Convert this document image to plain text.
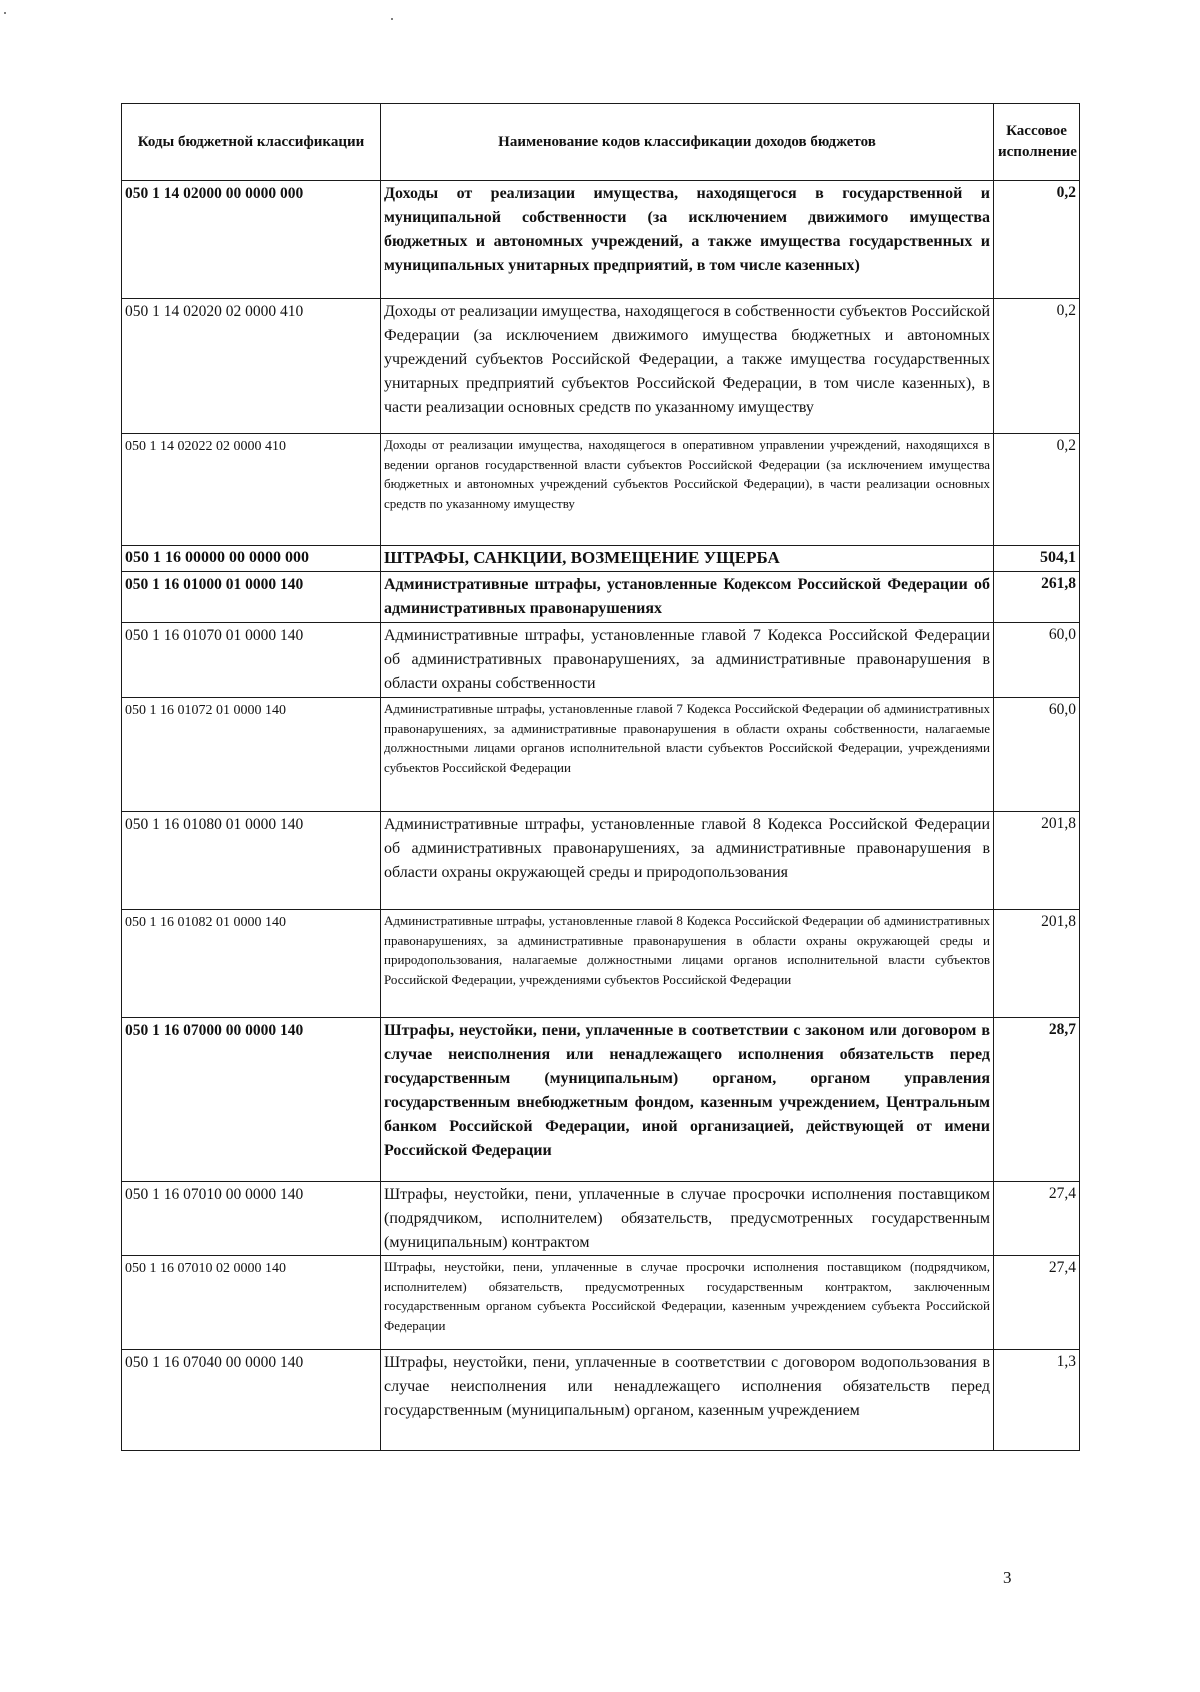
Коды бюджетной классификации	Наименование кодов классификации доходов бюджетов	Кассовое исполнение
050 1 14 02000 00 0000 000	Доходы от реализации имущества, находящегося в государственной и муниципальной собственности (за исключением движимого имущества бюджетных и автономных учреждений, а также имущества государственных и муниципальных унитарных предприятий, в том числе казенных)	0,2
050 1 14 02020 02 0000 410	Доходы от реализации имущества, находящегося в собственности субъектов Российской Федерации (за исключением движимого имущества бюджетных и автономных учреждений субъектов Российской Федерации, а также имущества государственных унитарных предприятий субъектов Российской Федерации, в том числе казенных), в части реализации основных средств по указанному имуществу	0,2
050 1 14 02022 02 0000 410	Доходы от реализации имущества, находящегося в оперативном управлении учреждений, находящихся в ведении органов государственной власти субъектов Российской Федерации (за исключением имущества бюджетных и автономных учреждений субъектов Российской Федерации), в части реализации основных средств по указанному имуществу	0,2
050 1 16 00000 00 0000 000	ШТРАФЫ, САНКЦИИ, ВОЗМЕЩЕНИЕ УЩЕРБА	504,1
050 1 16 01000 01 0000 140	Административные штрафы, установленные Кодексом Российской Федерации об административных правонарушениях	261,8
050 1 16 01070 01 0000 140	Административные штрафы, установленные главой 7 Кодекса Российской Федерации об административных правонарушениях, за административные правонарушения в области охраны собственности	60,0
050 1 16 01072 01 0000 140	Административные штрафы, установленные главой 7 Кодекса Российской Федерации об административных правонарушениях, за административные правонарушения в области охраны собственности, налагаемые должностными лицами органов исполнительной власти субъектов Российской Федерации, учреждениями субъектов Российской Федерации	60,0
050 1 16 01080 01 0000 140	Административные штрафы, установленные главой 8 Кодекса Российской Федерации об административных правонарушениях, за административные правонарушения в области охраны окружающей среды и природопользования	201,8
050 1 16 01082 01 0000 140	Административные штрафы, установленные главой 8 Кодекса Российской Федерации об административных правонарушениях, за административные правонарушения в области охраны окружающей среды и природопользования, налагаемые должностными лицами органов исполнительной власти субъектов Российской Федерации, учреждениями субъектов Российской Федерации	201,8
050 1 16 07000 00 0000 140	Штрафы, неустойки, пени, уплаченные в соответствии с законом или договором в случае неисполнения или ненадлежащего исполнения обязательств перед государственным (муниципальным) органом, органом управления государственным внебюджетным фондом, казенным учреждением, Центральным банком Российской Федерации, иной организацией, действующей от имени Российской Федерации	28,7
050 1 16 07010 00 0000 140	Штрафы, неустойки, пени, уплаченные в случае просрочки исполнения поставщиком (подрядчиком, исполнителем) обязательств, предусмотренных государственным (муниципальным) контрактом	27,4
050 1 16 07010 02 0000 140	Штрафы, неустойки, пени, уплаченные в случае просрочки исполнения поставщиком (подрядчиком, исполнителем) обязательств, предусмотренных государственным контрактом, заключенным государственным органом субъекта Российской Федерации, казенным учреждением субъекта Российской Федерации	27,4
050 1 16 07040 00 0000 140	Штрафы, неустойки, пени, уплаченные в соответствии с договором водопользования в случае неисполнения или ненадлежащего исполнения обязательств перед государственным (муниципальным) органом, казенным учреждением	1,3
3
